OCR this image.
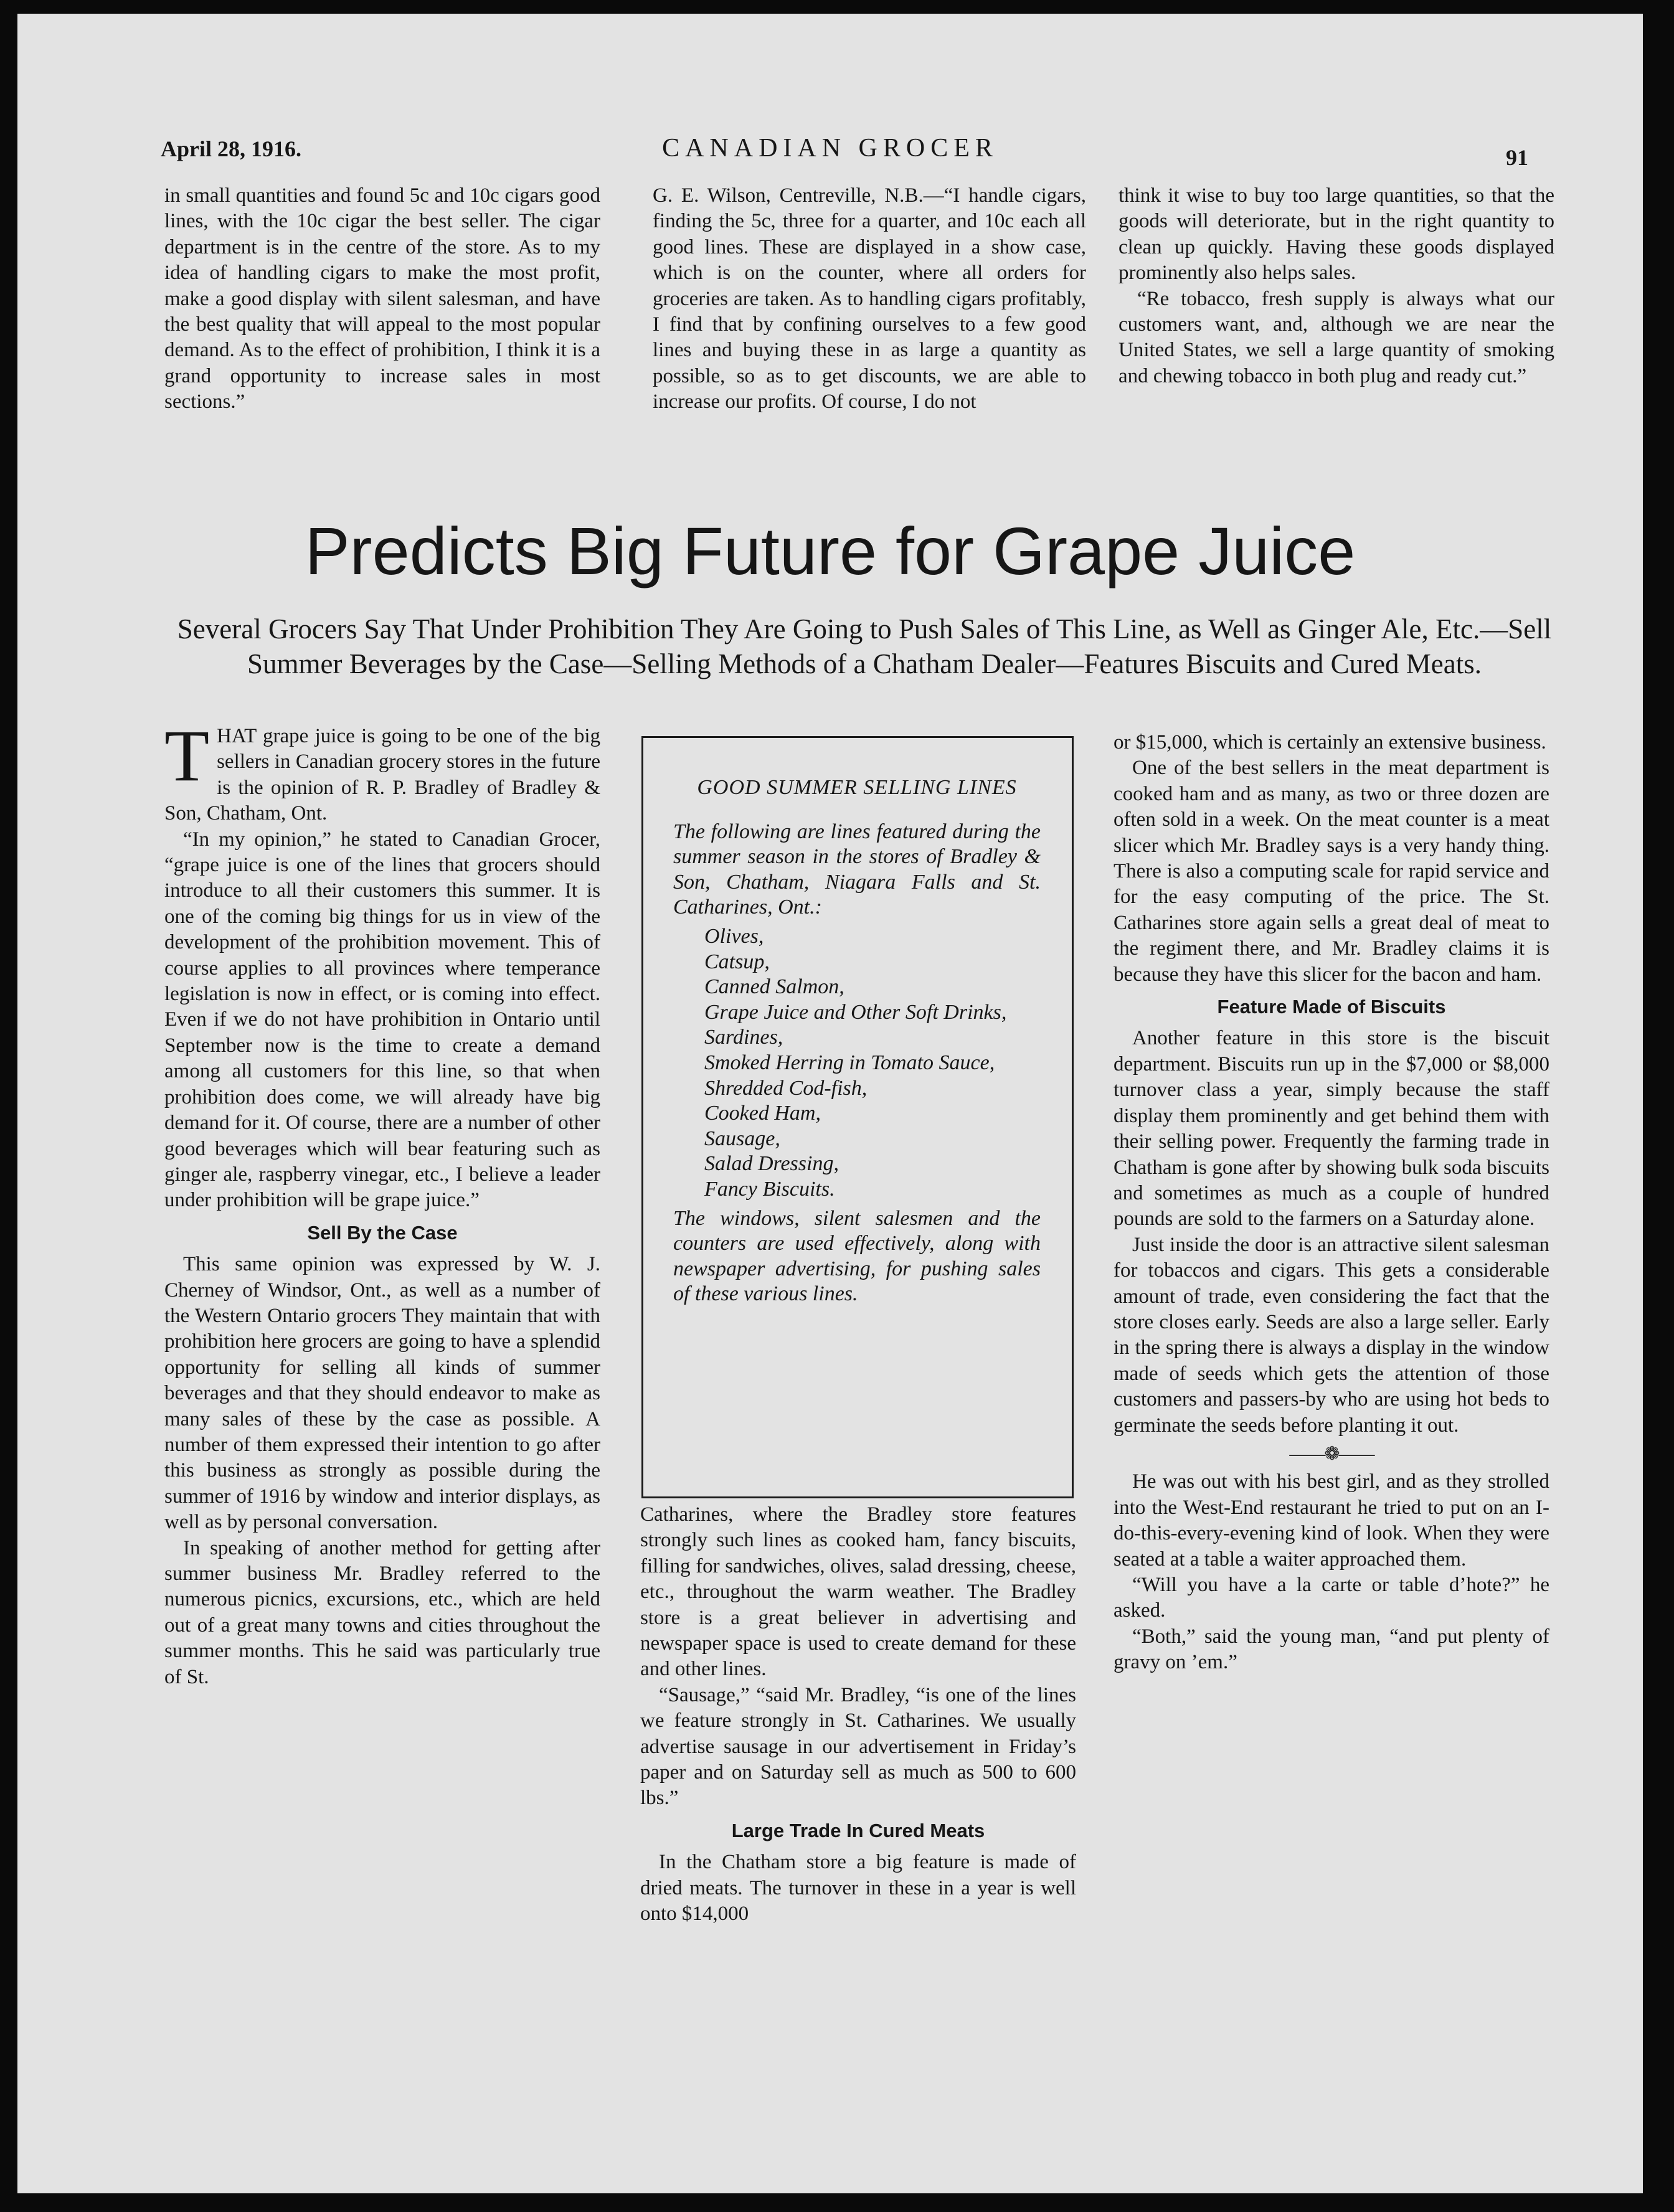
April 28, 1916.	CANADIAN GROCER	91

in small quantities and found 5c and 10c cigars good lines, with the 10c cigar the best seller. The cigar department is in the centre of the store. As to my idea of handling cigars to make the most profit, make a good display with silent salesman, and have the best quality that will appeal to the most popular demand. As to the effect of prohibition, I think it is a grand opportunity to increase sales in most sections.”

G. E. Wilson, Centreville, N.B.—“I handle cigars, finding the 5c, three for a quarter, and 10c each all good lines. These are displayed in a show case, which is on the counter, where all orders for groceries are taken. As to handling cigars profitably, I find that by confining ourselves to a few good lines and buying these in as large a quantity as possible, so as to get discounts, we are able to increase our profits. Of course, I do not

think it wise to buy too large quantities, so that the goods will deteriorate, but in the right quantity to clean up quickly. Having these goods displayed prominently also helps sales.

“Re tobacco, fresh supply is always what our customers want, and, although we are near the United States, we sell a large quantity of smoking and chewing tobacco in both plug and ready cut.”

Predicts Big Future for Grape Juice
Several Grocers Say That Under Prohibition They Are Going to Push Sales of This Line, as Well as Ginger Ale, Etc.—Sell Summer Beverages by the Case—Selling Methods of a Chatham Dealer—Features Biscuits and Cured Meats.

THAT grape juice is going to be one of the big sellers in Canadian grocery stores in the future is the opinion of R. P. Bradley of Bradley & Son, Chatham, Ont.

“In my opinion,” he stated to Canadian Grocer, “grape juice is one of the lines that grocers should introduce to all their customers this summer. It is one of the coming big things for us in view of the development of the prohibition movement. This of course applies to all provinces where temperance legislation is now in effect, or is coming into effect. Even if we do not have prohibition in Ontario until September now is the time to create a demand among all customers for this line, so that when prohibition does come, we will already have big demand for it. Of course, there are a number of other good beverages which will bear featuring such as ginger ale, raspberry vinegar, etc., I believe a leader under prohibition will be grape juice.”

Sell By the Case

This same opinion was expressed by W. J. Cherney of Windsor, Ont., as well as a number of the Western Ontario grocers They maintain that with prohibition here grocers are going to have a splendid opportunity for selling all kinds of summer beverages and that they should endeavor to make as many sales of these by the case as possible. A number of them expressed their intention to go after this business as strongly as possible during the summer of 1916 by window and interior displays, as well as by personal conversation.

In speaking of another method for getting after summer business Mr. Bradley referred to the numerous picnics, excursions, etc., which are held out of a great many towns and cities throughout the summer months. This he said was particularly true of St.

GOOD SUMMER SELLING LINES
The following are lines featured during the summer season in the stores of Bradley & Son, Chatham, Niagara Falls and St. Catharines, Ont.:
Olives,
Catsup,
Canned Salmon,
Grape Juice and Other Soft Drinks,
Sardines,
Smoked Herring in Tomato Sauce,
Shredded Cod-fish,
Cooked Ham,
Sausage,
Salad Dressing,
Fancy Biscuits.
The windows, silent salesmen and the counters are used effectively, along with newspaper advertising, for pushing sales of these various lines.

Catharines, where the Bradley store features strongly such lines as cooked ham, fancy biscuits, filling for sandwiches, olives, salad dressing, cheese, etc., throughout the warm weather. The Bradley store is a great believer in advertising and newspaper space is used to create demand for these and other lines.

“Sausage,” “said Mr. Bradley, “is one of the lines we feature strongly in St. Catharines. We usually advertise sausage in our advertisement in Friday’s paper and on Saturday sell as much as 500 to 600 lbs.”

Large Trade In Cured Meats

In the Chatham store a big feature is made of dried meats. The turnover in these in a year is well onto $14,000

or $15,000, which is certainly an extensive business.

One of the best sellers in the meat department is cooked ham and as many, as two or three dozen are often sold in a week. On the meat counter is a meat slicer which Mr. Bradley says is a very handy thing. There is also a computing scale for rapid service and for the easy computing of the price. The St. Catharines store again sells a great deal of meat to the regiment there, and Mr. Bradley claims it is because they have this slicer for the bacon and ham.

Feature Made of Biscuits

Another feature in this store is the biscuit department. Biscuits run up in the $7,000 or $8,000 turnover class a year, simply because the staff display them prominently and get behind them with their selling power. Frequently the farming trade in Chatham is gone after by showing bulk soda biscuits and sometimes as much as a couple of hundred pounds are sold to the farmers on a Saturday alone.

Just inside the door is an attractive silent salesman for tobaccos and cigars. This gets a considerable amount of trade, even considering the fact that the store closes early. Seeds are also a large seller. Early in the spring there is always a display in the window made of seeds which gets the attention of those customers and passers-by who are using hot beds to germinate the seeds before planting it out.

——❁——

He was out with his best girl, and as they strolled into the West-End restaurant he tried to put on an I-do-this-every-evening kind of look. When they were seated at a table a waiter approached them.

“Will you have a la carte or table d’hote?” he asked.

“Both,” said the young man, “and put plenty of gravy on ’em.”
